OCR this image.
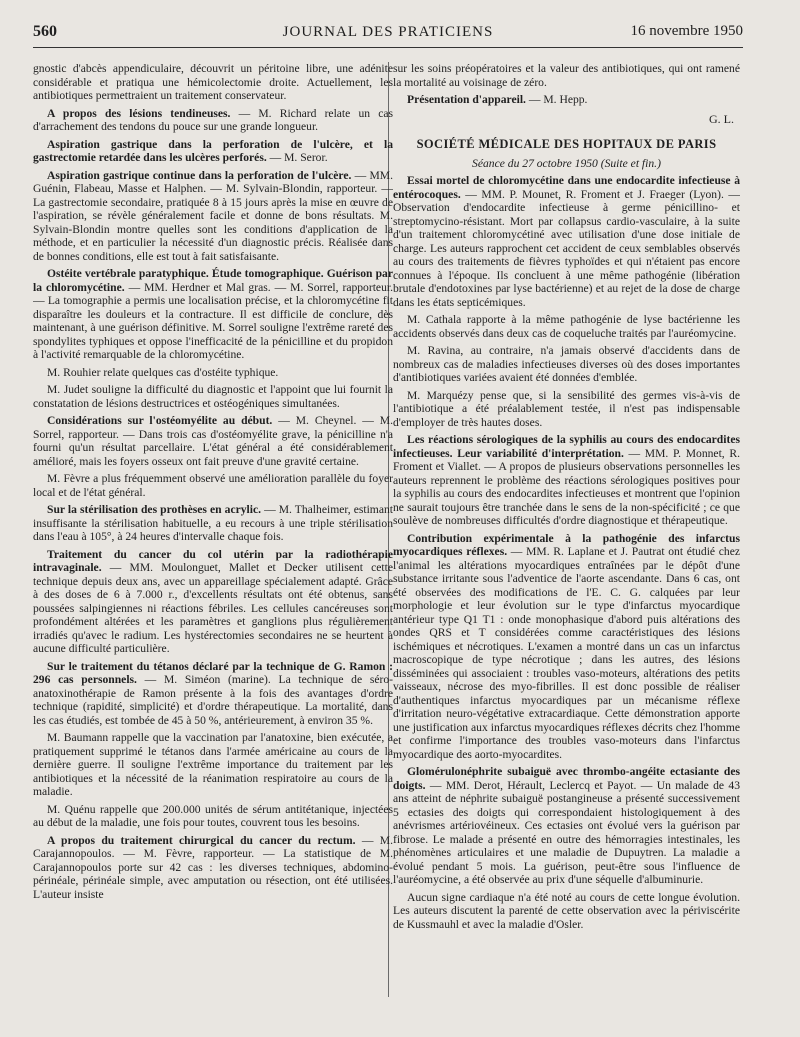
560	JOURNAL DES PRATICIENS	16 novembre 1950

gnostic d'abcès appendiculaire, découvrit un péritoine libre, une adénite considérable et pratiqua une hémicolectomie droite. Actuellement, les antibiotiques permettraient un traitement conservateur.

A propos des lésions tendineuses. — M. Richard relate un cas d'arrachement des tendons du pouce sur une grande longueur.

Aspiration gastrique dans la perforation de l'ulcère, et la gastrectomie retardée dans les ulcères perforés. — M. Seror.

Aspiration gastrique continue dans la perforation de l'ulcère. — MM. Guénin, Flabeau, Masse et Halphen. — M. Sylvain-Blondin, rapporteur. — La gastrectomie secondaire, pratiquée 8 à 15 jours après la mise en œuvre de l'aspiration, se révèle généralement facile et donne de bons résultats. M. Sylvain-Blondin montre quelles sont les conditions d'application de la méthode, et en particulier la nécessité d'un diagnostic précis. Réalisée dans de bonnes conditions, elle est tout à fait satisfaisante.

Ostéite vertébrale paratyphique. Étude tomographique. Guérison par la chloromycétine. — MM. Herdner et Mal gras. — M. Sorrel, rapporteur. — La tomographie a permis une localisation précise, et la chloromycétine fit disparaître les douleurs et la contracture. Il est difficile de conclure, dès maintenant, à une guérison définitive. M. Sorrel souligne l'extrême rareté des spondylites typhiques et oppose l'inefficacité de la pénicilline et du propidon à l'activité remarquable de la chloromycétine.

M. Rouhier relate quelques cas d'ostéite typhique.

M. Judet souligne la difficulté du diagnostic et l'appoint que lui fournit la constatation de lésions destructrices et ostéogéniques simultanées.

Considérations sur l'ostéomyélite au début. — M. Cheynel. — M. Sorrel, rapporteur. — Dans trois cas d'ostéomyélite grave, la pénicilline n'a fourni qu'un résultat parcellaire. L'état général a été considérablement amélioré, mais les foyers osseux ont fait preuve d'une gravité certaine.

M. Fèvre a plus fréquemment observé une amélioration parallèle du foyer local et de l'état général.

Sur la stérilisation des prothèses en acrylic. — M. Thalheimer, estimant insuffisante la stérilisation habituelle, a eu recours à une triple stérilisation dans l'eau à 105°, à 24 heures d'intervalle chaque fois.

Traitement du cancer du col utérin par la radiothérapie intravaginale. — MM. Moulonguet, Mallet et Decker utilisent cette technique depuis deux ans, avec un appareillage spécialement adapté. Grâce à des doses de 6 à 7.000 r., d'excellents résultats ont été obtenus, sans poussées salpingiennes ni réactions fébriles. Les cellules cancéreuses sont profondément altérées et les paramètres et ganglions plus régulièrement irradiés qu'avec le radium. Les hystérectomies secondaires ne se heurtent à aucune difficulté particulière.

Sur le traitement du tétanos déclaré par la technique de G. Ramon : 296 cas personnels. — M. Siméon (marine). La technique de séro-anatoxinothérapie de Ramon présente à la fois des avantages d'ordre technique (rapidité, simplicité) et d'ordre thérapeutique. La mortalité, dans les cas étudiés, est tombée de 45 à 50 %, antérieurement, à environ 35 %.

M. Baumann rappelle que la vaccination par l'anatoxine, bien exécutée, a pratiquement supprimé le tétanos dans l'armée américaine au cours de la dernière guerre. Il souligne l'extrême importance du traitement par les antibiotiques et la nécessité de la réanimation respiratoire au cours de la maladie.

M. Quénu rappelle que 200.000 unités de sérum antitétanique, injectées au début de la maladie, une fois pour toutes, couvrent tous les besoins.

A propos du traitement chirurgical du cancer du rectum. — M. Carajannopoulos. — M. Fèvre, rapporteur. — La statistique de M. Carajannopoulos porte sur 42 cas : les diverses techniques, abdomino-périnéale, périnéale simple, avec amputation ou résection, ont été utilisées. L'auteur insiste

sur les soins préopératoires et la valeur des antibiotiques, qui ont ramené la mortalité au voisinage de zéro.

Présentation d'appareil. — M. Hepp.

G. L.
SOCIÉTÉ MÉDICALE DES HOPITAUX DE PARIS
Séance du 27 octobre 1950 (Suite et fin.)

Essai mortel de chloromycétine dans une endocardite infectieuse à entérocoques. — MM. P. Mounet, R. Froment et J. Fraeger (Lyon). — Observation d'endocardite infectieuse à germe pénicillino- et streptomycino-résistant. Mort par collapsus cardio-vasculaire, à la suite d'un traitement chloromycétiné avec utilisation d'une dose initiale de charge. Les auteurs rapprochent cet accident de ceux semblables observés au cours des traitements de fièvres typhoïdes et qui n'étaient pas encore connues à l'époque. Ils concluent à une même pathogénie (libération brutale d'endotoxines par lyse bactérienne) et au rejet de la dose de charge dans les états septicémiques.

M. Cathala rapporte à la même pathogénie de lyse bactérienne les accidents observés dans deux cas de coqueluche traités par l'auréomycine.

M. Ravina, au contraire, n'a jamais observé d'accidents dans de nombreux cas de maladies infectieuses diverses où des doses importantes d'antibiotiques variées avaient été données d'emblée.

M. Marquézy pense que, si la sensibilité des germes vis-à-vis de l'antibiotique a été préalablement testée, il n'est pas indispensable d'employer de très hautes doses.

Les réactions sérologiques de la syphilis au cours des endocardites infectieuses. Leur variabilité d'interprétation. — MM. P. Monnet, R. Froment et Viallet. — A propos de plusieurs observations personnelles les auteurs reprennent le problème des réactions sérologiques positives pour la syphilis au cours des endocardites infectieuses et montrent que l'opinion ne saurait toujours être tranchée dans le sens de la non-spécificité ; ce que soulève de nombreuses difficultés d'ordre diagnostique et thérapeutique.

Contribution expérimentale à la pathogénie des infarctus myocardiques réflexes. — MM. R. Laplane et J. Pautrat ont étudié chez l'animal les altérations myocardiques entraînées par le dépôt d'une substance irritante sous l'adventice de l'aorte ascendante. Dans 6 cas, ont été observées des modifications de l'E. C. G. calquées par leur morphologie et leur évolution sur le type d'infarctus myocardique antérieur type Q1 T1 : onde monophasique d'abord puis altérations des ondes QRS et T considérées comme caractéristiques des lésions ischémiques et nécrotiques. L'examen a montré dans un cas un infarctus macroscopique de type nécrotique ; dans les autres, des lésions disséminées qui associaient : troubles vaso-moteurs, altérations des petits vaisseaux, nécrose des myo-fibrilles. Il est donc possible de réaliser d'authentiques infarctus myocardiques par un mécanisme réflexe d'irritation neuro-végétative extracardiaque. Cette démonstration apporte une justification aux infarctus myocardiques réflexes décrits chez l'homme et confirme l'importance des troubles vaso-moteurs dans l'infarctus myocardique des aorto-myocardites.

Glomérulonéphrite subaiguë avec thrombo-angéite ectasiante des doigts. — MM. Derot, Hérault, Leclercq et Payot. — Un malade de 43 ans atteint de néphrite subaiguë postangineuse a présenté successivement 5 ectasies des doigts qui correspondaient histologiquement à des anévrismes artériovéineux. Ces ectasies ont évolué vers la guérison par fibrose. Le malade a présenté en outre des hémorragies intestinales, les phénomènes articulaires et une maladie de Dupuytren. La maladie a évolué pendant 5 mois. La guérison, peut-être sous l'influence de l'auréomycine, a été observée au prix d'une séquelle d'albuminurie.

Aucun signe cardiaque n'a été noté au cours de cette longue évolution. Les auteurs discutent la parenté de cette observation avec la périviscérite de Kussmauhl et avec la maladie d'Osler.
